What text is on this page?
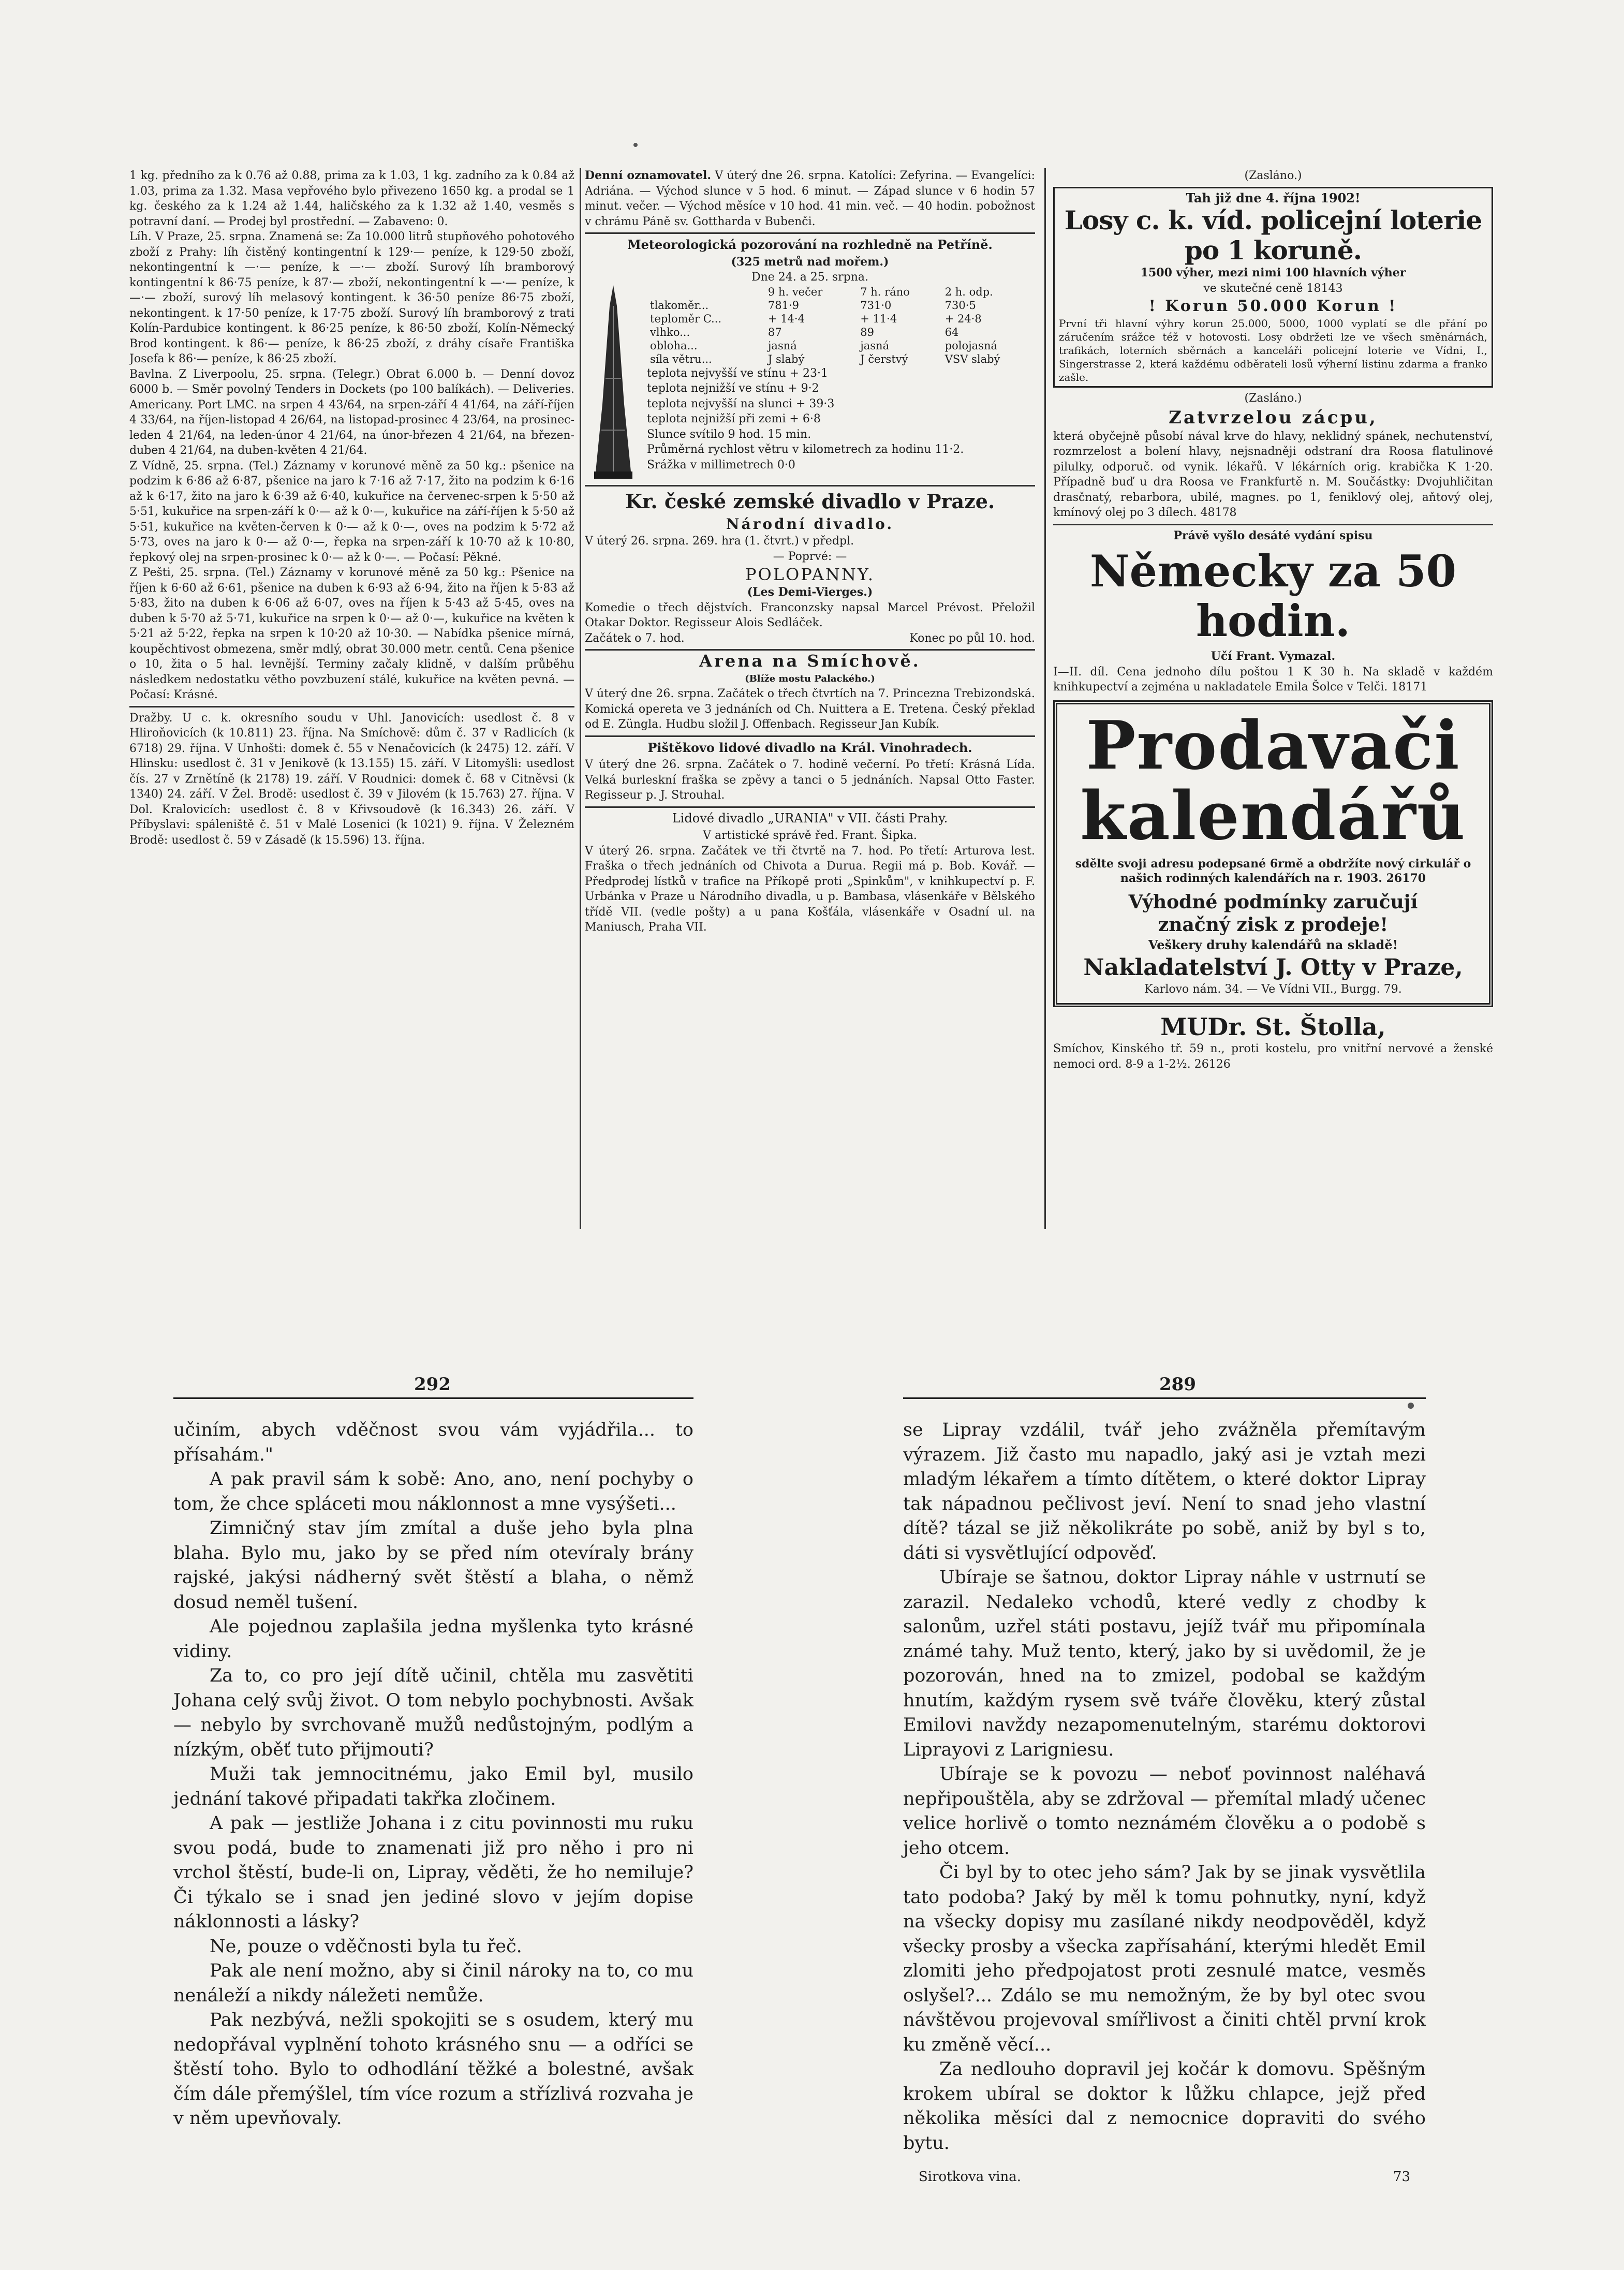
1 kg. předního za k 0.76 až 0.88, prima za k 1.03, 1 kg. zadního za k 0.84 až 1.03, prima za 1.32. Masa vepřového bylo přivezeno 1650 kg. a prodal se 1 kg. českého za k 1.24 až 1.44, haličského za k 1.32 až 1.40, vesměs s potravní daní. — Prodej byl prostřední. — Zabaveno: 0.

Líh. V Praze, 25. srpna. Znamená se: Za 10.000 litrů stupňového pohotového zboží z Prahy: líh čistěný kontingentní k 129·— peníze, k 129·50 zboží, nekontingentní k —·— peníze, k —·— zboží. Surový líh bramborový kontingentní k 86·75 peníze, k 87·— zboží, nekontingentní k —·— peníze, k —·— zboží, surový líh melasový kontingent. k 36·50 peníze 86·75 zboží, nekontingent. k 17·50 peníze, k 17·75 zboží. Surový líh bramborový z trati Kolín-Pardubice kontingent. k 86·25 peníze, k 86·50 zboží, Kolín-Německý Brod kontingent. k 86·— peníze, k 86·25 zboží, z dráhy císaře Františka Josefa k 86·— peníze, k 86·25 zboží.

Bavlna. Z Liverpoolu, 25. srpna. (Telegr.) Obrat 6.000 b. — Denní dovoz 6000 b. — Směr povolný Tenders in Dockets (po 100 balíkách). — Deliveries. Americany. Port LMC. na srpen 4 43/64, na srpen-září 4 41/64, na září-říjen 4 33/64, na říjen-listopad 4 26/64, na listopad-prosinec 4 23/64, na prosinec-leden 4 21/64, na leden-únor 4 21/64, na únor-březen 4 21/64, na březen-duben 4 21/64, na duben-květen 4 21/64.

Z Vídně, 25. srpna. (Tel.) Záznamy v korunové měně za 50 kg.: pšenice na podzim k 6·86 až 6·87, pšenice na jaro k 7·16 až 7·17, žito na podzim k 6·16 až k 6·17, žito na jaro k 6·39 až 6·40, kukuřice na červenec-srpen k 5·50 až 5·51, kukuřice na srpen-září k 0·— až k 0·—, kukuřice na září-říjen k 5·50 až 5·51, kukuřice na květen-červen k 0·— až k 0·—, oves na podzim k 5·72 až 5·73, oves na jaro k 0·— až 0·—, řepka na srpen-září k 10·70 až k 10·80, řepkový olej na srpen-prosinec k 0·— až k 0·—. — Počasí: Pěkné.

Z Pešti, 25. srpna. (Tel.) Záznamy v korunové měně za 50 kg.: Pšenice na říjen k 6·60 až 6·61, pšenice na duben k 6·93 až 6·94, žito na říjen k 5·83 až 5·83, žito na duben k 6·06 až 6·07, oves na říjen k 5·43 až 5·45, oves na duben k 5·70 až 5·71, kukuřice na srpen k 0·— až 0·—, kukuřice na květen k 5·21 až 5·22, řepka na srpen k 10·20 až 10·30. — Nabídka pšenice mírná, koupěchtivost obmezena, směr mdlý, obrat 30.000 metr. centů. Cena pšenice o 10, žita o 5 hal. levnější. Terminy začaly klidně, v dalším průběhu následkem nedostatku větho povzbuzení stálé, kukuřice na květen pevná. — Počasí: Krásné.

Dražby. U c. k. okresního soudu v Uhl. Janovicích: usedlost č. 8 v Hliroňovicích (k 10.811) 23. října. Na Smíchově: dům č. 37 v Radlicích (k 6718) 29. října. V Unhošti: domek č. 55 v Nenačovicích (k 2475) 12. září. V Hlinsku: usedlost č. 31 v Jenikově (k 13.155) 15. září. V Litomyšli: usedlost čís. 27 v Zrnětíně (k 2178) 19. září. V Roudnici: domek č. 68 v Citněvsi (k 1340) 24. září. V Žel. Brodě: usedlost č. 39 v Jilovém (k 15.763) 27. října. V Dol. Kralovicích: usedlost č. 8 v Křivsoudově (k 16.343) 26. září. V Příbyslavi: spáleniště č. 51 v Malé Losenici (k 1021) 9. října. V Železném Brodě: usedlost č. 59 v Zásadě (k 15.596) 13. října.

Denní oznamovatel. V úterý dne 26. srpna. Katolíci: Zefyrina. — Evangelíci: Adriána. — Východ slunce v 5 hod. 6 minut. — Západ slunce v 6 hodin 57 minut. večer. — Východ měsíce v 10 hod. 41 min. več. — 40 hodin. pobožnost v chrámu Páně sv. Gottharda v Bubenči.

Meteorologická pozorování na rozhledně na Petříně.
(325 metrů nad mořem.)
Dne 24. a 25. srpna.
	9 h. večer	7 h. ráno	2 h. odp.
tlakoměr...	781·9	731·0	730·5
teploměr C...	+ 14·4	+ 11·4	+ 24·8
vlhko...	87	89	64
obloha...	jasná	jasná	polojasná
síla větru...	J slabý	J čerstvý	VSV slabý
teplota nejvyšší ve stínu + 23·1
teplota nejnižší ve stínu + 9·2
teplota nejvyšší na slunci + 39·3
teplota nejnižší při zemi + 6·8
Slunce svítilo 9 hod. 15 min.
Průměrná rychlost větru v kilometrech za hodinu 11·2.
Srážka v millimetrech 0·0
Kr. české zemské divadlo v Praze.
Národní divadlo.
V úterý 26. srpna. 269. hra (1. čtvrt.) v předpl.
— Poprvé: —
POLOPANNY.
(Les Demi-Vierges.)

Komedie o třech dějstvích. Franconzsky napsal Marcel Prévost. Přeložil Otakar Doktor. Regisseur Alois Sedláček.

Začátek o 7. hod.	Konec po půl 10. hod.
Arena na Smíchově.
(Blíže mostu Palackého.)

V úterý dne 26. srpna. Začátek o třech čtvrtích na 7. Princezna Trebizondská. Komická opereta ve 3 jednáních od Ch. Nuittera a E. Tretena. Český překlad od E. Züngla. Hudbu složil J. Offenbach. Regisseur Jan Kubík.

Pištěkovo lidové divadlo na Král. Vinohradech.

V úterý dne 26. srpna. Začátek o 7. hodině večerní. Po třetí: Krásná Lída. Velká burleskní fraška se zpěvy a tanci o 5 jednáních. Napsal Otto Faster. Regisseur p. J. Strouhal.

Lidové divadlo „URANIA" v VII. části Prahy.
V artistické správě řed. Frant. Šipka.

V úterý 26. srpna. Začátek ve tři čtvrtě na 7. hod. Po třetí: Arturova lest. Fraška o třech jednáních od Chivota a Durua. Regii má p. Bob. Kovář. — Předprodej lístků v trafice na Příkopě proti „Spinkům", v knihkupectví p. F. Urbánka v Praze u Národního divadla, u p. Bambasa, vlásenkáře v Bělského třídě VII. (vedle pošty) a u pana Košťála, vlásenkáře v Osadní ul. na Maniusch, Praha VII.

(Zasláno.)
Tah již dne 4. října 1902!
Losy c. k. víd. policejní loterie po 1 koruně.
1500 výher, mezi nimi 100 hlavních výher
ve skutečné ceně 18143
! Korun 50.000 Korun !

První tři hlavní výhry korun 25.000, 5000, 1000 vyplatí se dle přání po záručením srážce též v hotovosti. Losy obdržeti lze ve všech směnárnách, trafikách, loterních sběrnách a kanceláři policejní loterie ve Vídni, I., Singerstrasse 2, která každému odběrateli losů výherní listinu zdarma a franko zašle.

(Zasláno.)
Zatvrzelou zácpu,

která obyčejně působí nával krve do hlavy, neklidný spánek, nechutenství, rozmrzelost a bolení hlavy, nejsnadněji odstraní dra Roosa flatulinové pilulky, odporuč. od vynik. lékařů. V lékárních orig. krabička K 1·20. Případně buď u dra Roosa ve Frankfurtě n. M. Součástky: Dvojuhličitan drasčnatý, rebarbora, ubilé, magnes. po 1, feniklový olej, aňtový olej, kmínový olej po 3 dílech. 48178

Právě vyšlo desáté vydání spisu
Německy za 50 hodin.
Učí Frant. Vymazal.

I—II. díl. Cena jednoho dílu poštou 1 K 30 h. Na skladě v každém knihkupectví a zejména u nakladatele Emila Šolce v Telči. 18171

Prodavači
kalendářů
sdělte svoji adresu podepsané 6rmě a obdržíte nový cirkulář o našich rodinných kalendářích na r. 1903. 26170
Výhodné podmínky zaručují
značný zisk z prodeje!
Veškery druhy kalendářů na skladě!
Nakladatelství J. Otty v Praze,
Karlovo nám. 34. — Ve Vídni VII., Burgg. 79.
MUDr. St. Štolla,

Smíchov, Kinského tř. 59 n., proti kostelu, pro vnitřní nervové a ženské nemoci ord. 8-9 a 1-2½. 26126

292	289

učiním, abych vděčnost svou vám vyjádřila... to přísahám."

A pak pravil sám k sobě: Ano, ano, není pochyby o tom, že chce spláceti mou náklonnost a mne vysýšeti...

Zimničný stav jím zmítal a duše jeho byla plna blaha. Bylo mu, jako by se před ním otevíraly brány rajské, jakýsi nádherný svět štěstí a blaha, o němž dosud neměl tušení.

Ale pojednou zaplašila jedna myšlenka tyto krásné vidiny.

Za to, co pro její dítě učinil, chtěla mu zasvětiti Johana celý svůj život. O tom nebylo pochybnosti. Avšak — nebylo by svrchovaně mužů nedůstojným, podlým a nízkým, oběť tuto přijmouti?

Muži tak jemnocitnému, jako Emil byl, musilo jednání takové připadati takřka zločinem.

A pak — jestliže Johana i z citu povinnosti mu ruku svou podá, bude to znamenati již pro něho i pro ni vrchol štěstí, bude-li on, Lipray, věděti, že ho nemiluje? Či týkalo se i snad jen jediné slovo v jejím dopise náklonnosti a lásky?

Ne, pouze o vděčnosti byla tu řeč.

Pak ale není možno, aby si činil nároky na to, co mu nenáleží a nikdy náležeti nemůže.

Pak nezbývá, nežli spokojiti se s osudem, který mu nedopřával vyplnění tohoto krásného snu — a odříci se štěstí toho. Bylo to odhodlání těžké a bolestné, avšak čím dále přemýšlel, tím více rozum a střízlivá rozvaha je v něm upevňovaly.

se Lipray vzdálil, tvář jeho zvážněla přemítavým výrazem. Již často mu napadlo, jaký asi je vztah mezi mladým lékařem a tímto dítětem, o které doktor Lipray tak nápadnou pečlivost jeví. Není to snad jeho vlastní dítě? tázal se již několikráte po sobě, aniž by byl s to, dáti si vysvětlující odpověď.

Ubíraje se šatnou, doktor Lipray náhle v ustrnutí se zarazil. Nedaleko vchodů, které vedly z chodby k salonům, uzřel státi postavu, jejíž tvář mu připomínala známé tahy. Muž tento, který, jako by si uvědomil, že je pozorován, hned na to zmizel, podobal se každým hnutím, každým rysem svě tváře člověku, který zůstal Emilovi navždy nezapomenutelným, starému doktorovi Liprayovi z Larigniesu.

Ubíraje se k povozu — neboť povinnost naléhavá nepřipouštěla, aby se zdržoval — přemítal mladý učenec velice horlivě o tomto neznámém člověku a o podobě s jeho otcem.

Či byl by to otec jeho sám? Jak by se jinak vysvětlila tato podoba? Jaký by měl k tomu pohnutky, nyní, když na všecky dopisy mu zasílané nikdy neodpověděl, když všecky prosby a všecka zapřísahání, kterými hledět Emil zlomiti jeho předpojatost proti zesnulé matce, vesměs oslyšel?... Zdálo se mu nemožným, že by byl otec svou návštěvou projevoval smířlivost a činiti chtěl první krok ku změně věcí...

Za nedlouho dopravil jej kočár k domovu. Spěšným krokem ubíral se doktor k lůžku chlapce, jejž před několika měsíci dal z nemocnice dopraviti do svého bytu.

Sirotkova vina.	73
